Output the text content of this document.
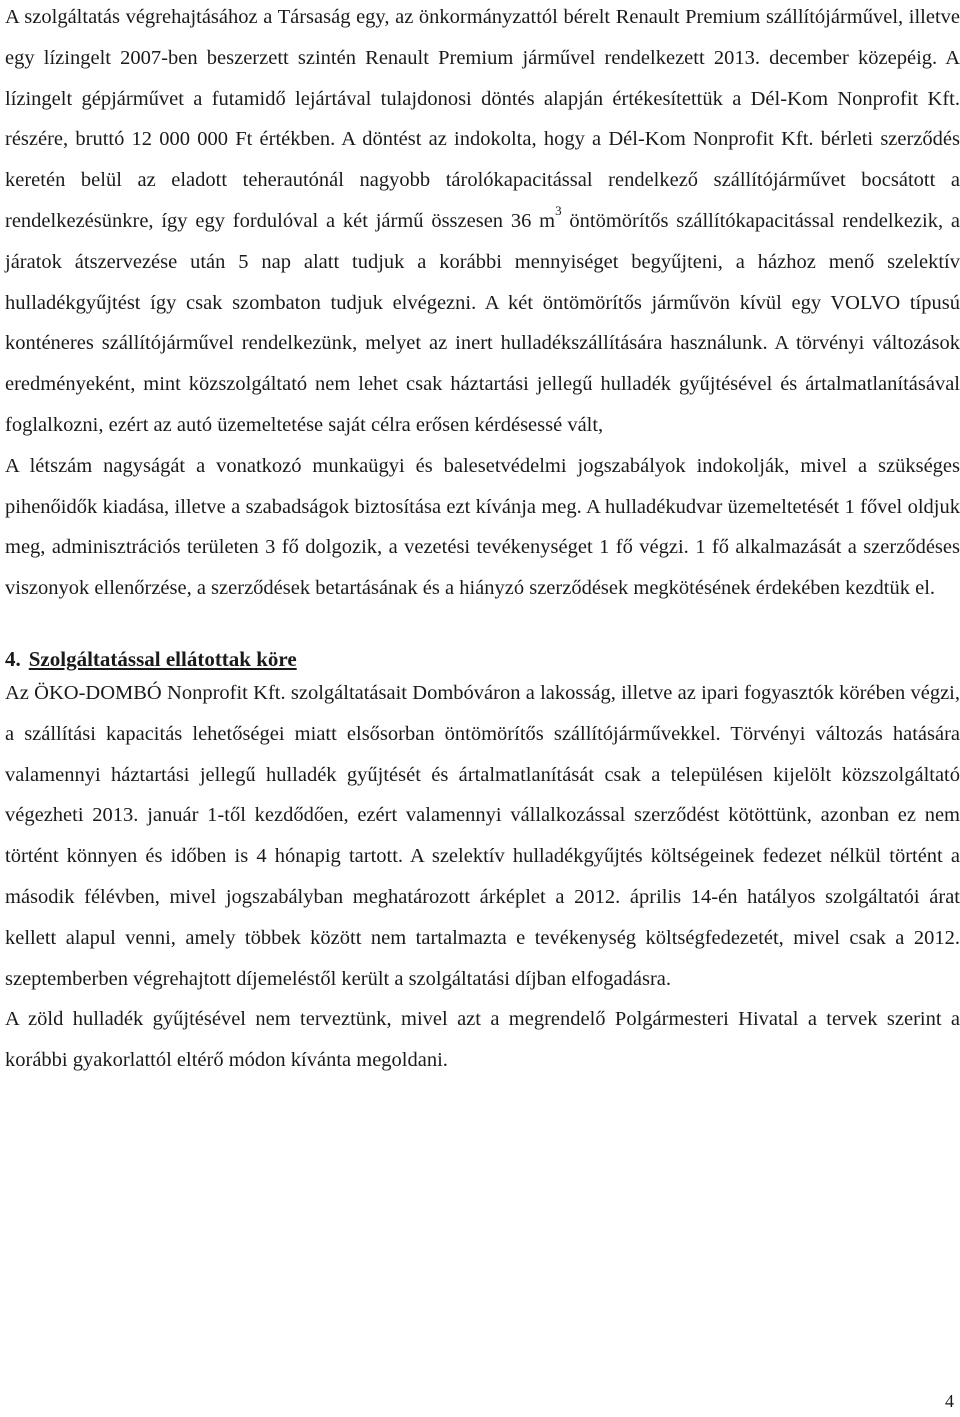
A szolgáltatás végrehajtásához a Társaság egy, az önkormányzattól bérelt Renault Premium szállítójárművel, illetve egy lízingelt 2007-ben beszerzett szintén Renault Premium járművel rendelkezett 2013. december közepéig. A lízingelt gépjárművet a futamidő lejártával tulajdonosi döntés alapján értékesítettük a Dél-Kom Nonprofit Kft. részére, bruttó 12 000 000 Ft értékben. A döntést az indokolta, hogy a Dél-Kom Nonprofit Kft. bérleti szerződés keretén belül az eladott teherautónál nagyobb tárolókapacitással rendelkező szállítójárművet bocsátott a rendelkezésünkre, így egy fordulóval a két jármű összesen 36 $m^3$ öntömörítős szállítókapacitással rendelkezik, a járatok átszervezése után 5 nap alatt tudjuk a korábbi mennyiséget begyűjteni, a házhoz menő szelektív hulladékgyűjtést így csak szombaton tudjuk elvégezni. A két öntömörítős járművön kívül egy VOLVO típusú konténeres szállítójárművel rendelkezünk, melyet az inert hulladékszállítására használunk. A törvényi változások eredményeként, mint közszolgáltató nem lehet csak háztartási jellegű hulladék gyűjtésével és ártalmatlanításával foglalkozni, ezért az autó üzemeltetése saját célra erősen kérdésessé vált,

A létszám nagyságát a vonatkozó munkaügyi és balesetvédelmi jogszabályok indokolják, mivel a szükséges pihenőidők kiadása, illetve a szabadságok biztosítása ezt kívánja meg. A hulladékudvar üzemeltetését 1 fővel oldjuk meg, adminisztrációs területen 3 fő dolgozik, a vezetési tevékenységet 1 fő végzi. 1 fő alkalmazását a szerződéses viszonyok ellenőrzése, a szerződések betartásának és a hiányzó szerződések megkötésének érdekében kezdtük el.

4. Szolgáltatással ellátottak köre

Az ÖKO-DOMBÓ Nonprofit Kft. szolgáltatásait Dombóváron a lakosság, illetve az ipari fogyasztók körében végzi, a szállítási kapacitás lehetőségei miatt elsősorban öntömörítős szállítójárművekkel. Törvényi változás hatására valamennyi háztartási jellegű hulladék gyűjtését és ártalmatlanítását csak a településen kijelölt közszolgáltató végezheti 2013. január 1-től kezdődően, ezért valamennyi vállalkozással szerződést kötöttünk, azonban ez nem történt könnyen és időben is 4 hónapig tartott. A szelektív hulladékgyűjtés költségeinek fedezet nélkül történt a második félévben, mivel jogszabályban meghatározott árképlet a 2012. április 14-én hatályos szolgáltatói árat kellett alapul venni, amely többek között nem tartalmazta e tevékenység költségfedezetét, mivel csak a 2012. szeptemberben végrehajtott díjemeléstől került a szolgáltatási díjban elfogadásra.

A zöld hulladék gyűjtésével nem terveztünk, mivel azt a megrendelő Polgármesteri Hivatal a tervek szerint a korábbi gyakorlattól eltérő módon kívánta megoldani.

4
